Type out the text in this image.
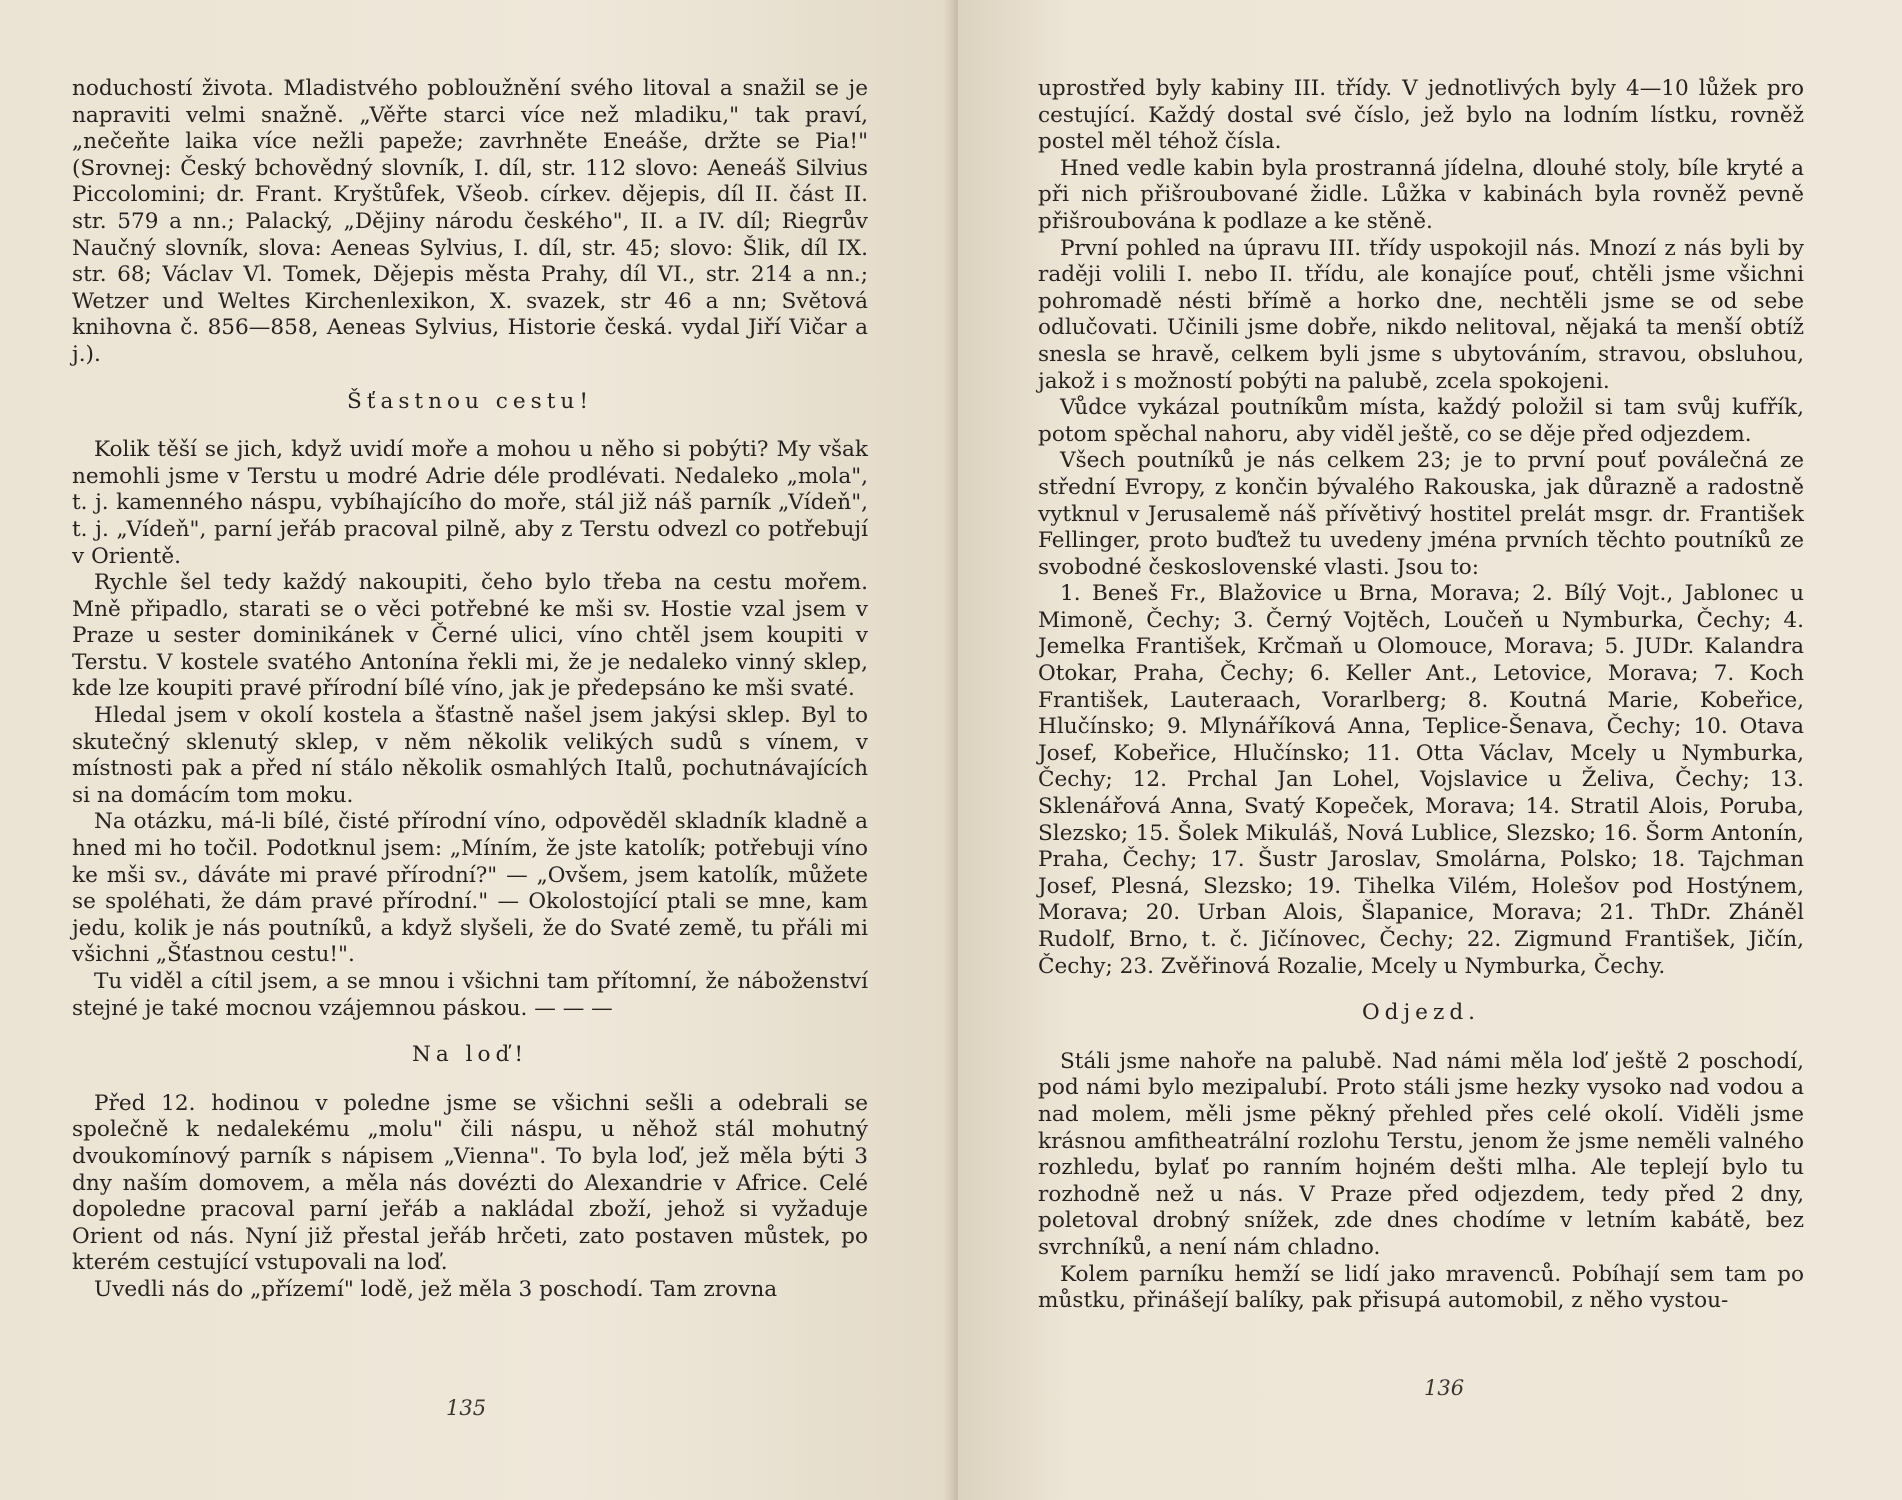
noduchostí života. Mladistvého pobloužnění svého litoval a snažil se je napraviti velmi snažně. „Věřte starci více než mladiku," tak praví, „nečeňte laika více nežli papeže; zavrhněte Eneáše, držte se Pia!" (Srovnej: Český bchovědný slovník, I. díl, str. 112 slovo: Aeneáš Silvius Piccolomini; dr. Frant. Kryštůfek, Všeob. církev. dějepis, díl II. část II. str. 579 a nn.; Palacký, „Dějiny národu českého", II. a IV. díl; Riegrův Naučný slovník, slova: Aeneas Sylvius, I. díl, str. 45; slovo: Šlik, díl IX. str. 68; Václav Vl. Tomek, Dějepis města Prahy, díl VI., str. 214 a nn.; Wetzer und Weltes Kirchenlexikon, X. svazek, str 46 a nn; Světová knihovna č. 856—858, Aeneas Sylvius, Historie česká. vydal Jiří Vičar a j.).

Šťastnou cestu!

Kolik těší se jich, když uvidí moře a mohou u něho si pobýti? My však nemohli jsme v Terstu u modré Adrie déle prodlévati. Nedaleko „mola", t. j. kamenného náspu, vybíhajícího do moře, stál již náš parník „Vídeň", t. j. „Vídeň", parní jeřáb pracoval pilně, aby z Terstu odvezl co potřebují v Orientě.

Rychle šel tedy každý nakoupiti, čeho bylo třeba na cestu mořem. Mně připadlo, starati se o věci potřebné ke mši sv. Hostie vzal jsem v Praze u sester dominikánek v Černé ulici, víno chtěl jsem koupiti v Terstu. V kostele svatého Antonína řekli mi, že je nedaleko vinný sklep, kde lze koupiti pravé přírodní bílé víno, jak je předepsáno ke mši svaté.

Hledal jsem v okolí kostela a šťastně našel jsem jakýsi sklep. Byl to skutečný sklenutý sklep, v něm několik velikých sudů s vínem, v místnosti pak a před ní stálo několik osmahlých Italů, pochutnávajících si na domácím tom moku.

Na otázku, má-li bílé, čisté přírodní víno, odpověděl skladník kladně a hned mi ho točil. Podotknul jsem: „Míním, že jste katolík; potřebuji víno ke mši sv., dáváte mi pravé přírodní?" — „Ovšem, jsem katolík, můžete se spoléhati, že dám pravé přírodní." — Okolostojící ptali se mne, kam jedu, kolik je nás poutníků, a když slyšeli, že do Svaté země, tu přáli mi všichni „Šťastnou cestu!".

Tu viděl a cítil jsem, a se mnou i všichni tam přítomní, že náboženství stejné je také mocnou vzájemnou páskou. — — —

Na loď!

Před 12. hodinou v poledne jsme se všichni sešli a odebrali se společně k nedalekému „molu" čili náspu, u něhož stál mohutný dvoukomínový parník s nápisem „Vienna". To byla loď, jež měla býti 3 dny naším domovem, a měla nás dovézti do Alexandrie v Africe. Celé dopoledne pracoval parní jeřáb a nakládal zboží, jehož si vyžaduje Orient od nás. Nyní již přestal jeřáb hrčeti, zato postaven můstek, po kterém cestující vstupovali na loď.

Uvedli nás do „přízemí" lodě, jež měla 3 poschodí. Tam zrovna

135

uprostřed byly kabiny III. třídy. V jednotlivých byly 4—10 lůžek pro cestující. Každý dostal své číslo, jež bylo na lodním lístku, rovněž postel měl téhož čísla.

Hned vedle kabin byla prostranná jídelna, dlouhé stoly, bíle kryté a při nich přišroubované židle. Lůžka v kabinách byla rovněž pevně přišroubována k podlaze a ke stěně.

První pohled na úpravu III. třídy uspokojil nás. Mnozí z nás byli by raději volili I. nebo II. třídu, ale konajíce pouť, chtěli jsme všichni pohromadě nésti břímě a horko dne, nechtěli jsme se od sebe odlučovati. Učinili jsme dobře, nikdo nelitoval, nějaká ta menší obtíž snesla se hravě, celkem byli jsme s ubytováním, stravou, obsluhou, jakož i s možností pobýti na palubě, zcela spokojeni.

Vůdce vykázal poutníkům místa, každý položil si tam svůj kufřík, potom spěchal nahoru, aby viděl ještě, co se děje před odjezdem.

Všech poutníků je nás celkem 23; je to první pouť poválečná ze střední Evropy, z končin bývalého Rakouska, jak důrazně a radostně vytknul v Jerusalemě náš přívětivý hostitel prelát msgr. dr. František Fellinger, proto buďtež tu uvedeny jména prvních těchto poutníků ze svobodné československé vlasti. Jsou to:

1. Beneš Fr., Blažovice u Brna, Morava; 2. Bílý Vojt., Jablonec u Mimoně, Čechy; 3. Černý Vojtěch, Loučeň u Nymburka, Čechy; 4. Jemelka František, Krčmaň u Olomouce, Morava; 5. JUDr. Kalandra Otokar, Praha, Čechy; 6. Keller Ant., Letovice, Morava; 7. Koch František, Lauteraach, Vorarlberg; 8. Koutná Marie, Kobeřice, Hlučínsko; 9. Mlynáříková Anna, Teplice-Šenava, Čechy; 10. Otava Josef, Kobeřice, Hlučínsko; 11. Otta Václav, Mcely u Nymburka, Čechy; 12. Prchal Jan Lohel, Vojslavice u Želiva, Čechy; 13. Sklenářová Anna, Svatý Kopeček, Morava; 14. Stratil Alois, Poruba, Slezsko; 15. Šolek Mikuláš, Nová Lublice, Slezsko; 16. Šorm Antonín, Praha, Čechy; 17. Šustr Jaroslav, Smolárna, Polsko; 18. Tajchman Josef, Plesná, Slezsko; 19. Tihelka Vilém, Holešov pod Hostýnem, Morava; 20. Urban Alois, Šlapanice, Morava; 21. ThDr. Zháněl Rudolf, Brno, t. č. Jičínovec, Čechy; 22. Zigmund František, Jičín, Čechy; 23. Zvěřinová Rozalie, Mcely u Nymburka, Čechy.

Odjezd.

Stáli jsme nahoře na palubě. Nad námi měla loď ještě 2 poschodí, pod námi bylo mezipalubí. Proto stáli jsme hezky vysoko nad vodou a nad molem, měli jsme pěkný přehled přes celé okolí. Viděli jsme krásnou amfitheatrální rozlohu Terstu, jenom že jsme neměli valného rozhledu, bylať po ranním hojném dešti mlha. Ale teplejí bylo tu rozhodně než u nás. V Praze před odjezdem, tedy před 2 dny, poletoval drobný snížek, zde dnes chodíme v letním kabátě, bez svrchníků, a není nám chladno.

Kolem parníku hemží se lidí jako mravenců. Pobíhají sem tam po můstku, přinášejí balíky, pak přisupá automobil, z něho vystou-

136
